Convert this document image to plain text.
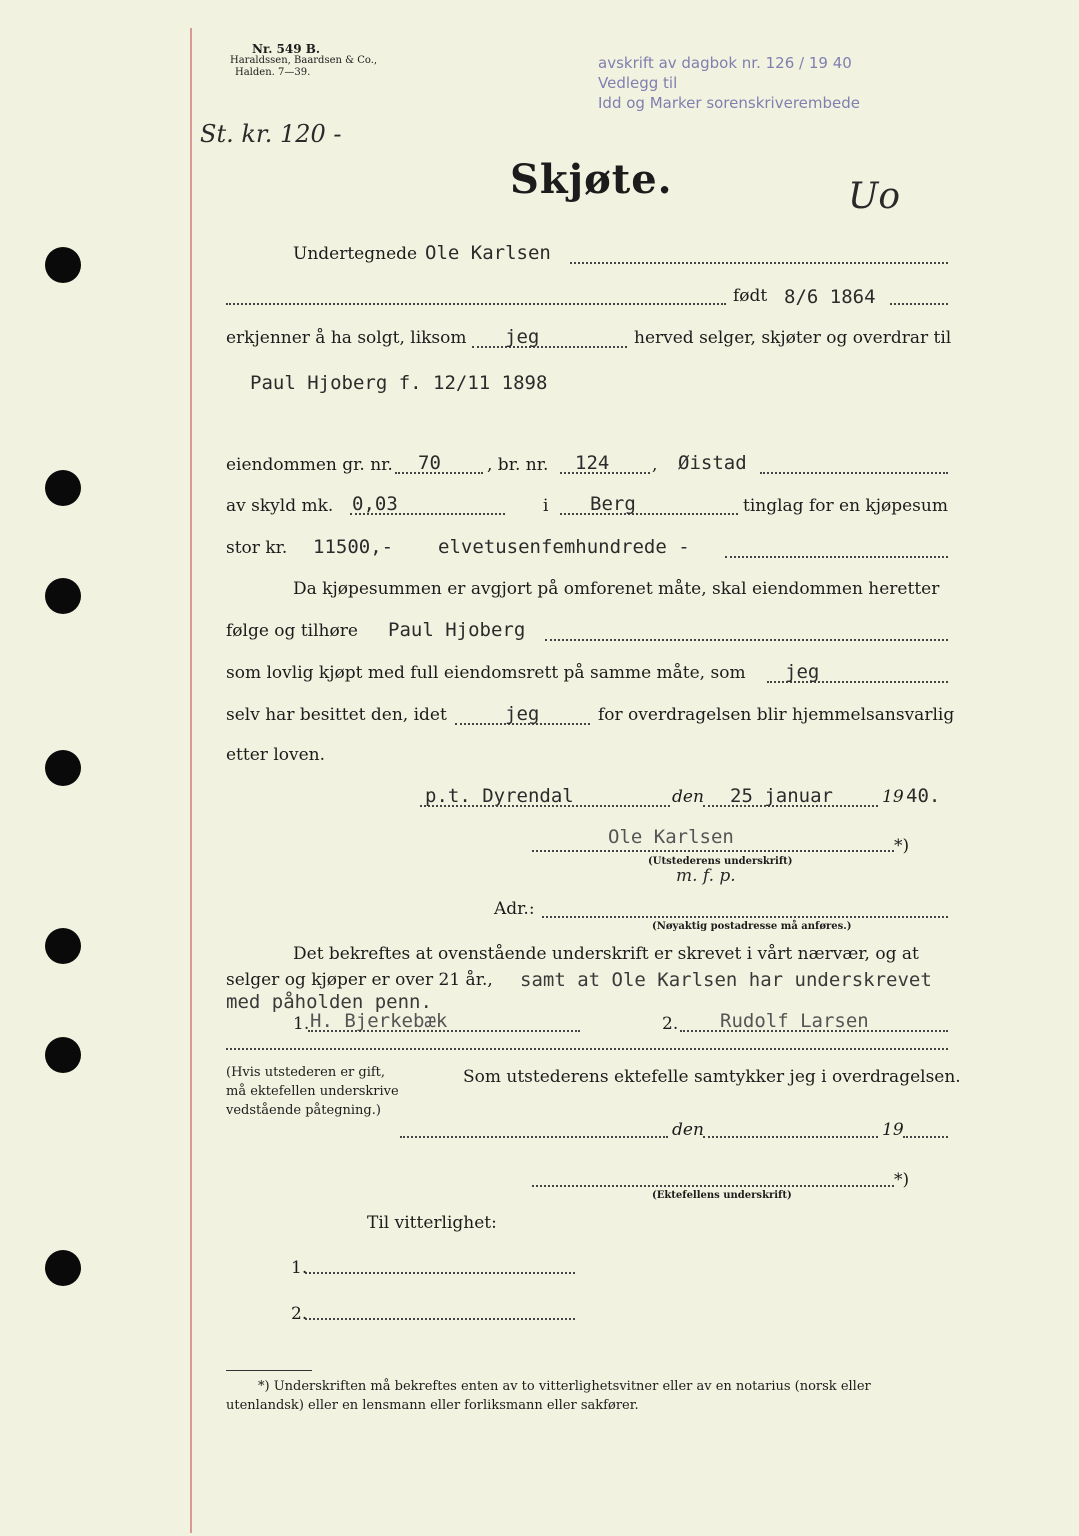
Nr. 549 B.
Haraldssen, Baardsen & Co.,
Halden. 7—39.
avskrift av dagbok nr. 126 / 19 40
Vedlegg til
Idd og Marker sorenskriverembede
St. kr. 120 -
Uo
Skjøte.
Undertegnede Ole Karlsen
født 8/6 1864
erkjenner å ha solgt, liksom jeg	herved selger, skjøter og overdrar til
Paul Hjoberg f. 12/11 1898
eiendommen gr. nr. 70	, br. nr. 124	, Øistad
av skyld mk. 0,03	i Berg	tinglag for en kjøpesum
stor kr. 11500,- elvetusenfemhundrede -
Da kjøpesummen er avgjort på omforenet måte, skal eiendommen heretter
følge og tilhøre Paul Hjoberg
som lovlig kjøpt med full eiendomsrett på samme måte, som jeg
selv har besittet den, idet	jeg	for overdragelsen blir hjemmelsansvarlig
etter loven.
p.t. Dyrendal	den 25 januar	19 40.
Ole Karlsen	*)
(Utstederens underskrift)
m. f. p.
Adr.:
(Nøyaktig postadresse må anføres.)
Det bekreftes at ovenstående underskrift er skrevet i vårt nærvær, og at
selger og kjøper er over 21 år., samt at Ole Karlsen har underskrevet
med påholden penn.
1. H. Bjerkebæk	2. Rudolf Larsen
(Hvis utstederen er gift,
må ektefellen underskrive
vedstående påtegning.)
Som utstederens ektefelle samtykker jeg i overdragelsen.
den	19
*)
(Ektefellens underskrift)
Til vitterlighet:
1.
2.
*) Underskriften må bekreftes enten av to vitterlighetsvitner eller av en notarius (norsk eller
utenlandsk) eller en lensmann eller forliksmann eller sakfører.
